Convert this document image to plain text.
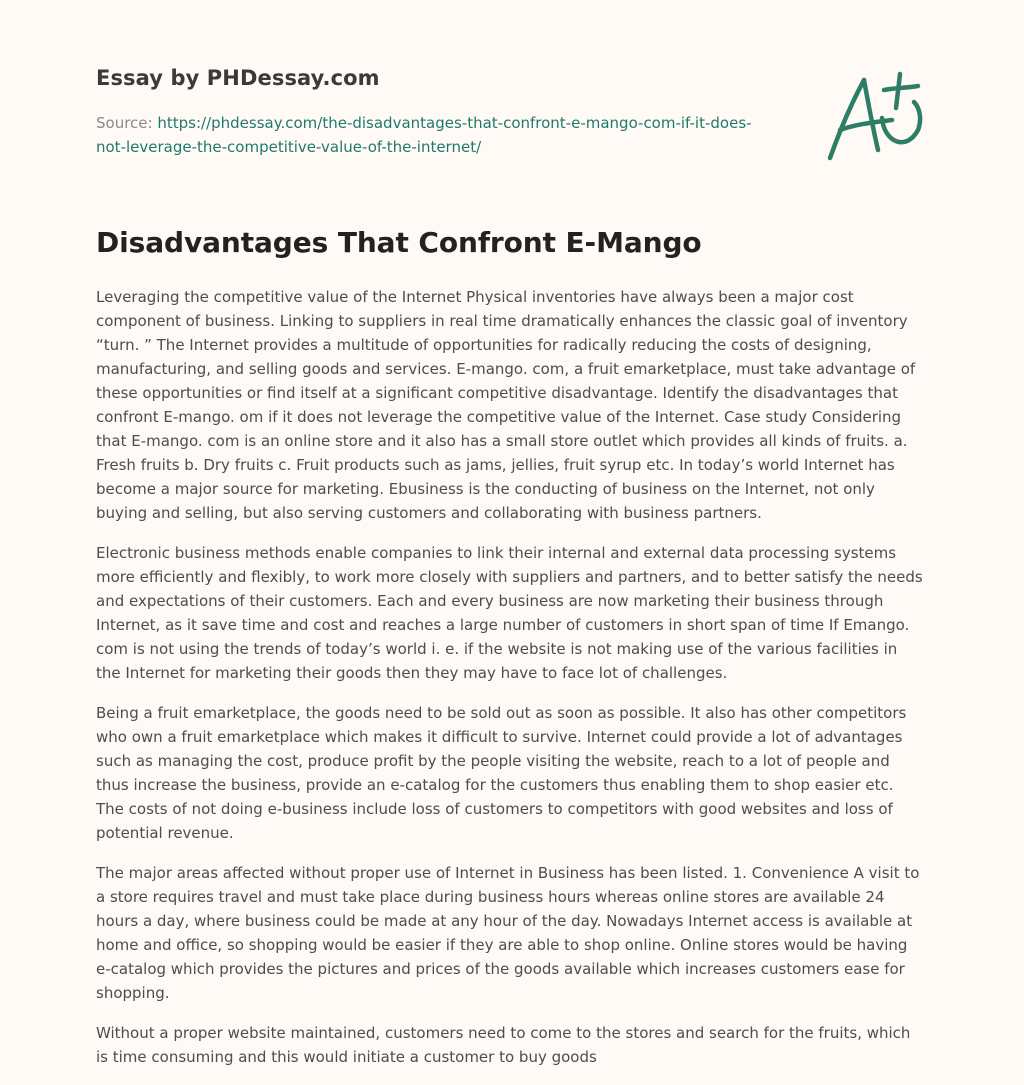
Essay by PHDessay.com
Source: https://phdessay.com/the-disadvantages-that-confront-e-mango-com-if-it-does-
not-leverage-the-competitive-value-of-the-internet/
Disadvantages That Confront E-Mango

Leveraging the competitive value of the Internet Physical inventories have always been a major cost component of business. Linking to suppliers in real time dramatically enhances the classic goal of inventory “turn. ” The Internet provides a multitude of opportunities for radically reducing the costs of designing, manufacturing, and selling goods and services. E-mango. com, a fruit emarketplace, must take advantage of these opportunities or find itself at a significant competitive disadvantage. Identify the disadvantages that confront E-mango. om if it does not leverage the competitive value of the Internet. Case study Considering that E-mango. com is an online store and it also has a small store outlet which provides all kinds of fruits. a. Fresh fruits b. Dry fruits c. Fruit products such as jams, jellies, fruit syrup etc. In today’s world Internet has become a major source for marketing. Ebusiness is the conducting of business on the Internet, not only buying and selling, but also serving customers and collaborating with business partners.

Electronic business methods enable companies to link their internal and external data processing systems more efficiently and flexibly, to work more closely with suppliers and partners, and to better satisfy the needs and expectations of their customers. Each and every business are now marketing their business through Internet, as it save time and cost and reaches a large number of customers in short span of time If Emango. com is not using the trends of today’s world i. e. if the website is not making use of the various facilities in the Internet for marketing their goods then they may have to face lot of challenges.

Being a fruit emarketplace, the goods need to be sold out as soon as possible. It also has other competitors who own a fruit emarketplace which makes it difficult to survive. Internet could provide a lot of advantages such as managing the cost, produce profit by the people visiting the website, reach to a lot of people and thus increase the business, provide an e-catalog for the customers thus enabling them to shop easier etc. The costs of not doing e-business include loss of customers to competitors with good websites and loss of potential revenue.

The major areas affected without proper use of Internet in Business has been listed. 1. Convenience A visit to a store requires travel and must take place during business hours whereas online stores are available 24 hours a day, where business could be made at any hour of the day. Nowadays Internet access is available at home and office, so shopping would be easier if they are able to shop online. Online stores would be having e-catalog which provides the pictures and prices of the goods available which increases customers ease for shopping.

Without a proper website maintained, customers need to come to the stores and search for the fruits, which is time consuming and this would initiate a customer to buy goods
